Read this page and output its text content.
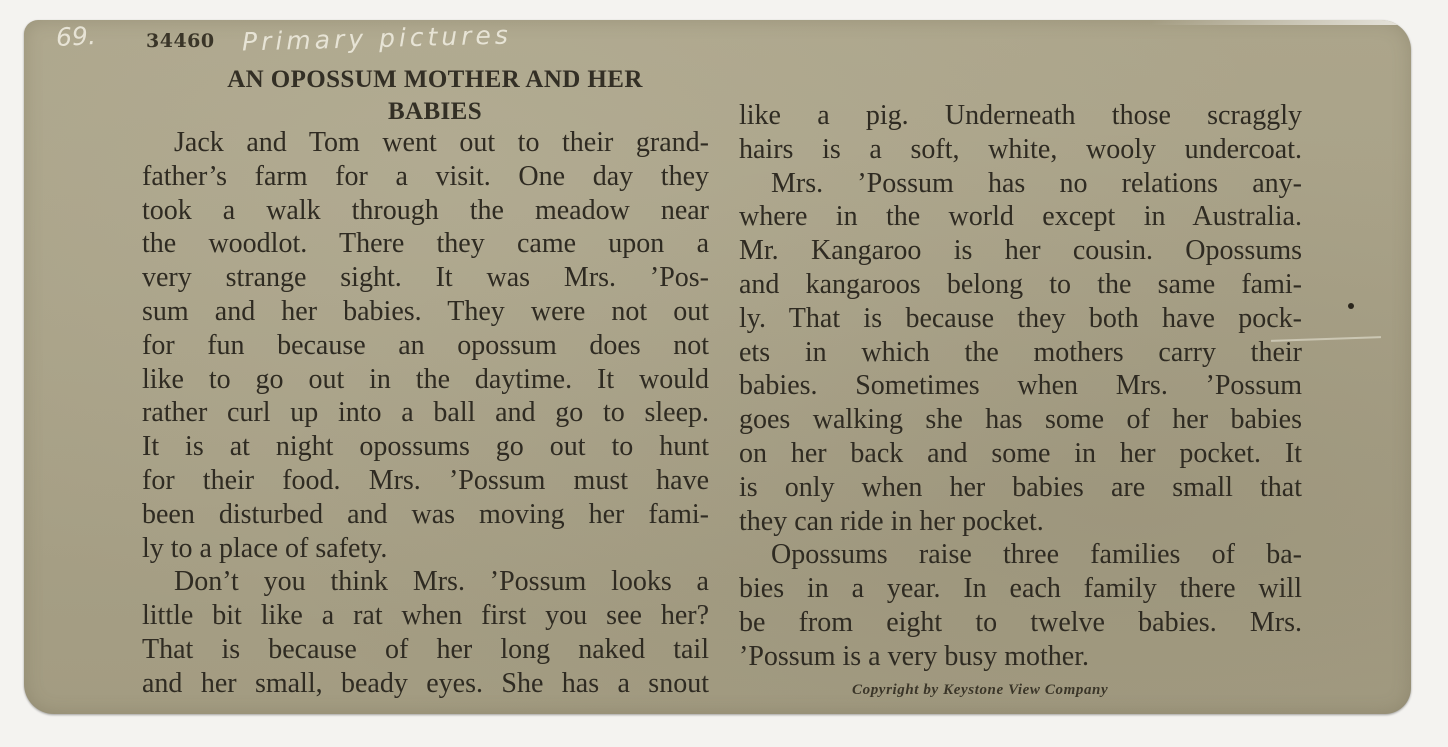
69.	34460 Primary pictures
AN OPOSSUM MOTHER AND HER
BABIES
Jack and Tom went out to their grand-
father’s farm for a visit. One day they
took a walk through the meadow near
the woodlot. There they came upon a
very strange sight. It was Mrs. ’Pos-
sum and her babies. They were not out
for fun because an opossum does not
like to go out in the daytime. It would
rather curl up into a ball and go to sleep.
It is at night opossums go out to hunt
for their food. Mrs. ’Possum must have
been disturbed and was moving her fami-
ly to a place of safety.
Don’t you think Mrs. ’Possum looks a
little bit like a rat when first you see her?
That is because of her long naked tail
and her small, beady eyes. She has a snout
like a pig. Underneath those scraggly
hairs is a soft, white, wooly undercoat.
Mrs. ’Possum has no relations any-
where in the world except in Australia.
Mr. Kangaroo is her cousin. Opossums
and kangaroos belong to the same fami-
ly. That is because they both have pock-
ets in which the mothers carry their
babies. Sometimes when Mrs. ’Possum
goes walking she has some of her babies
on her back and some in her pocket. It
is only when her babies are small that
they can ride in her pocket.
Opossums raise three families of ba-
bies in a year. In each family there will
be from eight to twelve babies. Mrs.
’Possum is a very busy mother.
Copyright by Keystone View Company
